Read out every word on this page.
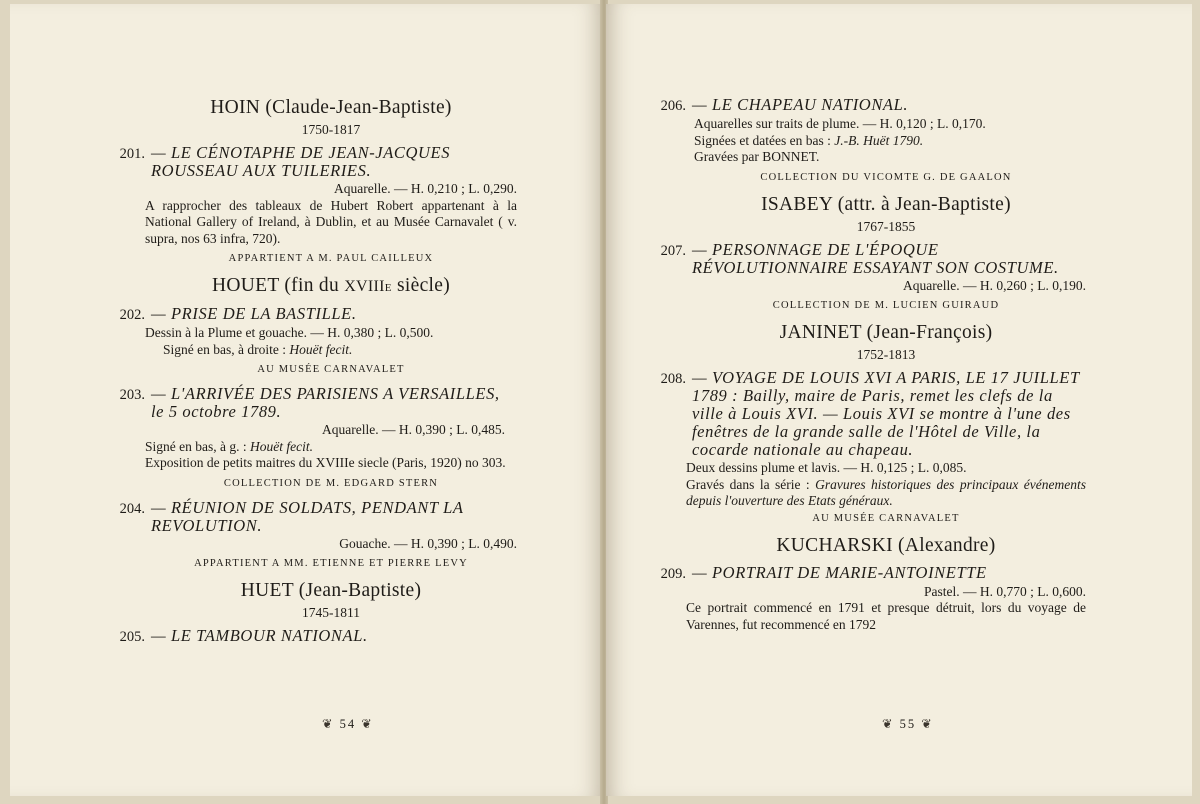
HOIN (Claude-Jean-Baptiste)
1750-1817
201. — LE CÉNOTAPHE DE JEAN-JACQUES ROUSSEAU AUX TUILERIES.

Aquarelle. — H. 0,210 ; L. 0,290.

A rapprocher des tableaux de Hubert Robert appartenant à la National Gallery of Ireland, à Dublin, et au Musée Carnavalet ( v. supra, nos 63 infra, 720).

APPARTIENT A M. PAUL CAILLEUX
HOUET (fin du XVIIIe siècle)
202. — PRISE DE LA BASTILLE.

Dessin à la Plume et gouache. — H. 0,380 ; L. 0,500.

Signé en bas, à droite : Houët fecit.

AU MUSÉE CARNAVALET
203. — L'ARRIVÉE DES PARISIENS A VERSAILLES, le 5 octobre 1789.

Aquarelle. — H. 0,390 ; L. 0,485.

Signé en bas, à g. : Houët fecit.

Exposition de petits maitres du XVIIIe siecle (Paris, 1920) no 303.

COLLECTION DE M. EDGARD STERN
204. — RÉUNION DE SOLDATS, PENDANT LA REVOLUTION.

Gouache. — H. 0,390 ; L. 0,490.

APPARTIENT A MM. ETIENNE ET PIERRE LEVY
HUET (Jean-Baptiste)
1745-1811
205. — LE TAMBOUR NATIONAL.
❦ 54 ❦
206. — LE CHAPEAU NATIONAL.

Aquarelles sur traits de plume. — H. 0,120 ; L. 0,170.

Signées et datées en bas : J.-B. Huët 1790.

Gravées par BONNET.

COLLECTION DU VICOMTE G. DE GAALON
ISABEY (attr. à Jean-Baptiste)
1767-1855
207. — PERSONNAGE DE L'ÉPOQUE RÉVOLUTIONNAIRE ESSAYANT SON COSTUME.

Aquarelle. — H. 0,260 ; L. 0,190.

COLLECTION DE M. LUCIEN GUIRAUD
JANINET (Jean-François)
1752-1813
208. — VOYAGE DE LOUIS XVI A PARIS, LE 17 JUILLET 1789 : Bailly, maire de Paris, remet les clefs de la ville à Louis XVI. — Louis XVI se montre à l'une des fenêtres de la grande salle de l'Hôtel de Ville, la cocarde nationale au chapeau.

Deux dessins plume et lavis. — H. 0,125 ; L. 0,085.

Gravés dans la série : Gravures historiques des principaux événements depuis l'ouverture des Etats généraux.

AU MUSÉE CARNAVALET
KUCHARSKI (Alexandre)
209. — PORTRAIT DE MARIE-ANTOINETTE

Pastel. — H. 0,770 ; L. 0,600.

Ce portrait commencé en 1791 et presque détruit, lors du voyage de Varennes, fut recommencé en 1792

❦ 55 ❦
